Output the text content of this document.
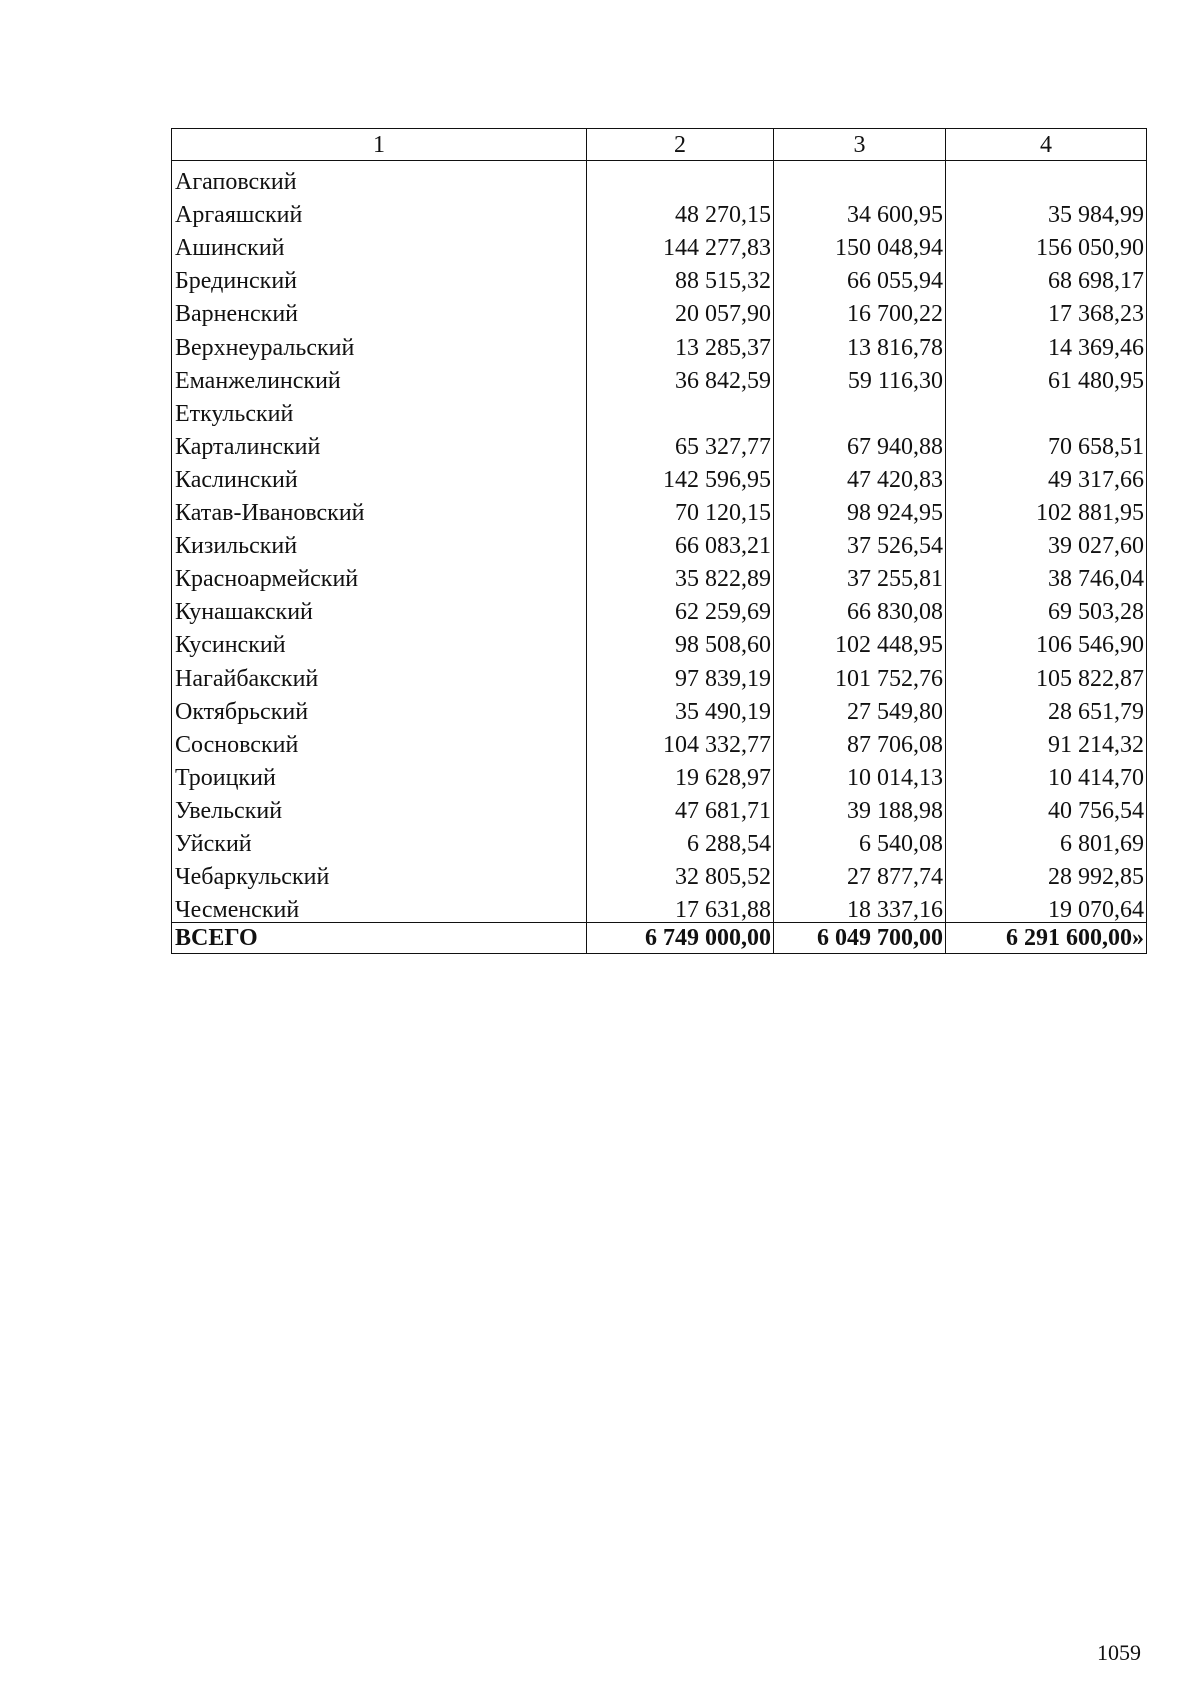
1	2	3	4
Агаповский			
Аргаяшский	48 270,15	34 600,95	35 984,99
Ашинский	144 277,83	150 048,94	156 050,90
Брединский	88 515,32	66 055,94	68 698,17
Варненский	20 057,90	16 700,22	17 368,23
Верхнеуральский	13 285,37	13 816,78	14 369,46
Еманжелинский	36 842,59	59 116,30	61 480,95
Еткульский			
Карталинский	65 327,77	67 940,88	70 658,51
Каслинский	142 596,95	47 420,83	49 317,66
Катав-Ивановский	70 120,15	98 924,95	102 881,95
Кизильский	66 083,21	37 526,54	39 027,60
Красноармейский	35 822,89	37 255,81	38 746,04
Кунашакский	62 259,69	66 830,08	69 503,28
Кусинский	98 508,60	102 448,95	106 546,90
Нагайбакский	97 839,19	101 752,76	105 822,87
Октябрьский	35 490,19	27 549,80	28 651,79
Сосновский	104 332,77	87 706,08	91 214,32
Троицкий	19 628,97	10 014,13	10 414,70
Увельский	47 681,71	39 188,98	40 756,54
Уйский	6 288,54	6 540,08	6 801,69
Чебаркульский	32 805,52	27 877,74	28 992,85
Чесменский	17 631,88	18 337,16	19 070,64
ВСЕГО	6 749 000,00	6 049 700,00	6 291 600,00»
1059
